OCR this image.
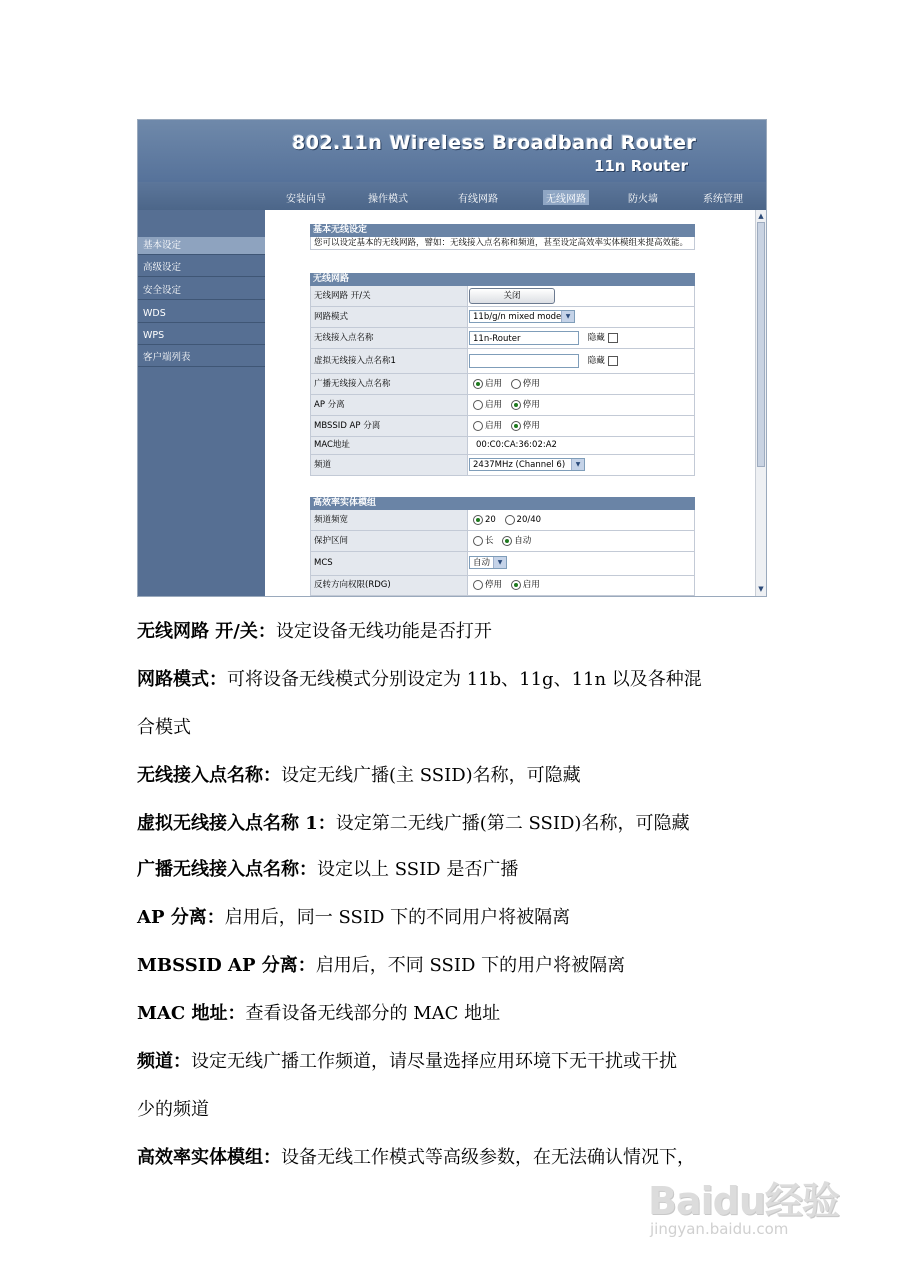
802.11n Wireless Broadband Router
11n Router
安装向导	操作模式	有线网路	无线网路	防火墙	系统管理
基本设定
高级设定
安全设定
WDS
WPS
客户端列表
基本无线设定
您可以设定基本的无线网路，譬如：无线接入点名称和频道，甚至设定高效率实体模组来提高效能。
无线网路
无线网路 开/关	关闭
网路模式	11b/g/n mixed mode ▼
无线接入点名称	11n-Router	隐藏
虚拟无线接入点名称1	隐藏
广播无线接入点名称	启用 停用
AP 分离	启用 停用
MBSSID AP 分离	启用 停用
MAC地址	00:C0:CA:36:02:A2
频道	2437MHz (Channel 6)	▼
高效率实体模组
频道频宽	20 20/40
保护区间	长 自动
MCS	自动	▼
反转方向权限(RDG)	停用 启用
▲
▼
无线网路 开/关：设定设备无线功能是否打开
网路模式：可将设备无线模式分别设定为 11b、11g、11n 以及各种混
合模式
无线接入点名称：设定无线广播(主 SSID)名称，可隐藏
虚拟无线接入点名称 1：设定第二无线广播(第二 SSID)名称，可隐藏
广播无线接入点名称：设定以上 SSID 是否广播
AP 分离：启用后，同一 SSID 下的不同用户将被隔离
MBSSID AP 分离：启用后，不同 SSID 下的用户将被隔离
MAC 地址：查看设备无线部分的 MAC 地址
频道：设定无线广播工作频道，请尽量选择应用环境下无干扰或干扰
少的频道
高效率实体模组：设备无线工作模式等高级参数，在无法确认情况下，
Baidu经验
jingyan.baidu.com
